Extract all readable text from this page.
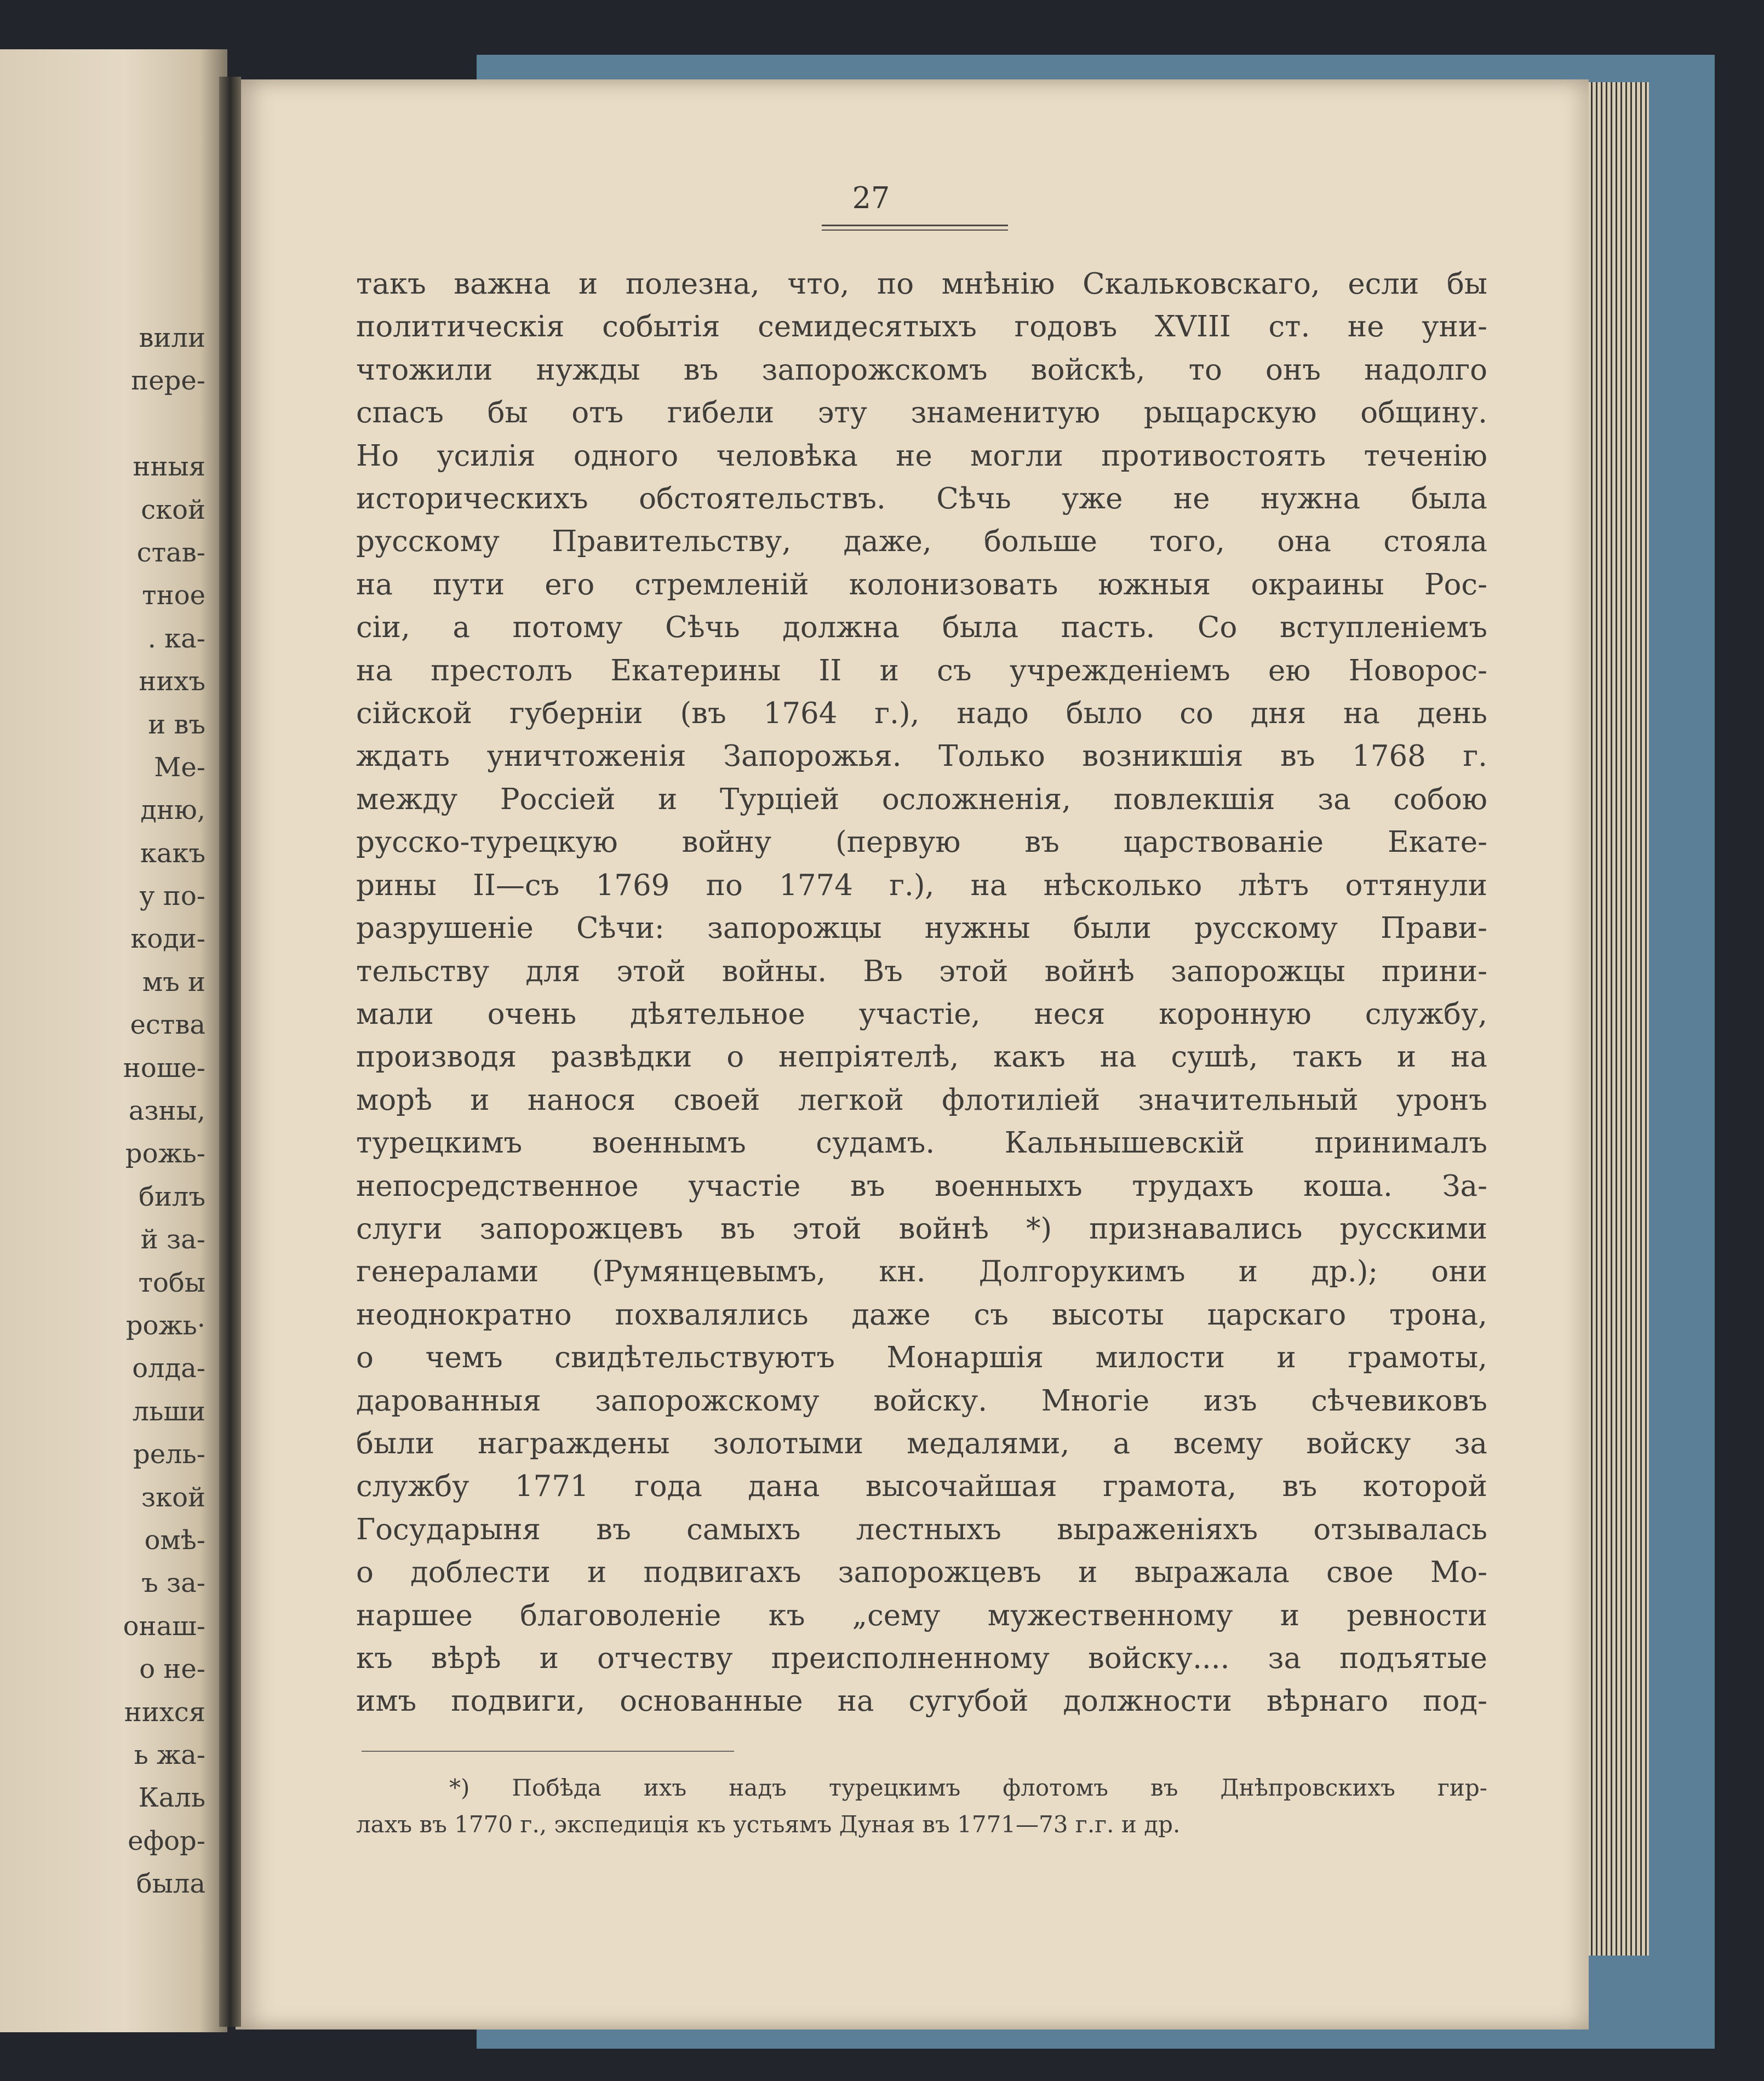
вили
пере-
нныя
ской
став-
тное
. ка-
нихъ
и въ
Ме-
дню,
какъ
у по-
коди-
мъ и
ества
ноше-
азны,
рожь-
билъ
й за-
тобы
рожь·
олда-
льши
рель-
зкой
омѣ-
ъ за-
онаш-
о не-
нихся
ь жа-
Каль
ефор-
была
27
такъ важна и полезна, что, по мнѣнію Скальковскаго, если бы
политическія событія семидесятыхъ годовъ XVIII ст. не уни-
чтожили нужды въ запорожскомъ войскѣ, то онъ надолго
спасъ бы отъ гибели эту знаменитую рыцарскую общину.
Но усилія одного человѣка не могли противостоять теченію
историческихъ обстоятельствъ. Сѣчь уже не нужна была
русскому Правительству, даже, больше того, она стояла
на пути его стремленій колонизовать южныя окраины Рос-
сіи, а потому Сѣчь должна была пасть. Со вступленіемъ
на престолъ Екатерины II и съ учрежденіемъ ею Новорос-
сійской губерніи (въ 1764 г.), надо было со дня на день
ждать уничтоженія Запорожья. Только возникшія въ 1768 г.
между Россіей и Турціей осложненія, повлекшія за собою
русско-турецкую войну (первую въ царствованіе Екате-
рины II—съ 1769 по 1774 г.), на нѣсколько лѣтъ оттянули
разрушеніе Сѣчи: запорожцы нужны были русскому Прави-
тельству для этой войны. Въ этой войнѣ запорожцы прини-
мали очень дѣятельное участіе, неся коронную службу,
производя развѣдки о непріятелѣ, какъ на сушѣ, такъ и на
морѣ и нанося своей легкой флотиліей значительный уронъ
турецкимъ военнымъ судамъ. Кальнышевскій принималъ
непосредственное участіе въ военныхъ трудахъ коша. За-
слуги запорожцевъ въ этой войнѣ *) признавались русскими
генералами (Румянцевымъ, кн. Долгорукимъ и др.); они
неоднократно похвалялись даже съ высоты царскаго трона,
о чемъ свидѣтельствуютъ Монаршія милости и грамоты,
дарованныя запорожскому войску. Многіе изъ сѣчевиковъ
были награждены золотыми медалями, а всему войску за
службу 1771 года дана высочайшая грамота, въ которой
Государыня въ самыхъ лестныхъ выраженіяхъ отзывалась
о доблести и подвигахъ запорожцевъ и выражала свое Мо-
наршее благоволеніе къ „сему мужественному и ревности
къ вѣрѣ и отчеству преисполненному войску.... за подъятые
имъ подвиги, основанные на сугубой должности вѣрнаго под-
*) Побѣда ихъ надъ турецкимъ флотомъ въ Днѣпровскихъ гир-
лахъ въ 1770 г., экспедиція къ устьямъ Дуная въ 1771—73 г.г. и др.
